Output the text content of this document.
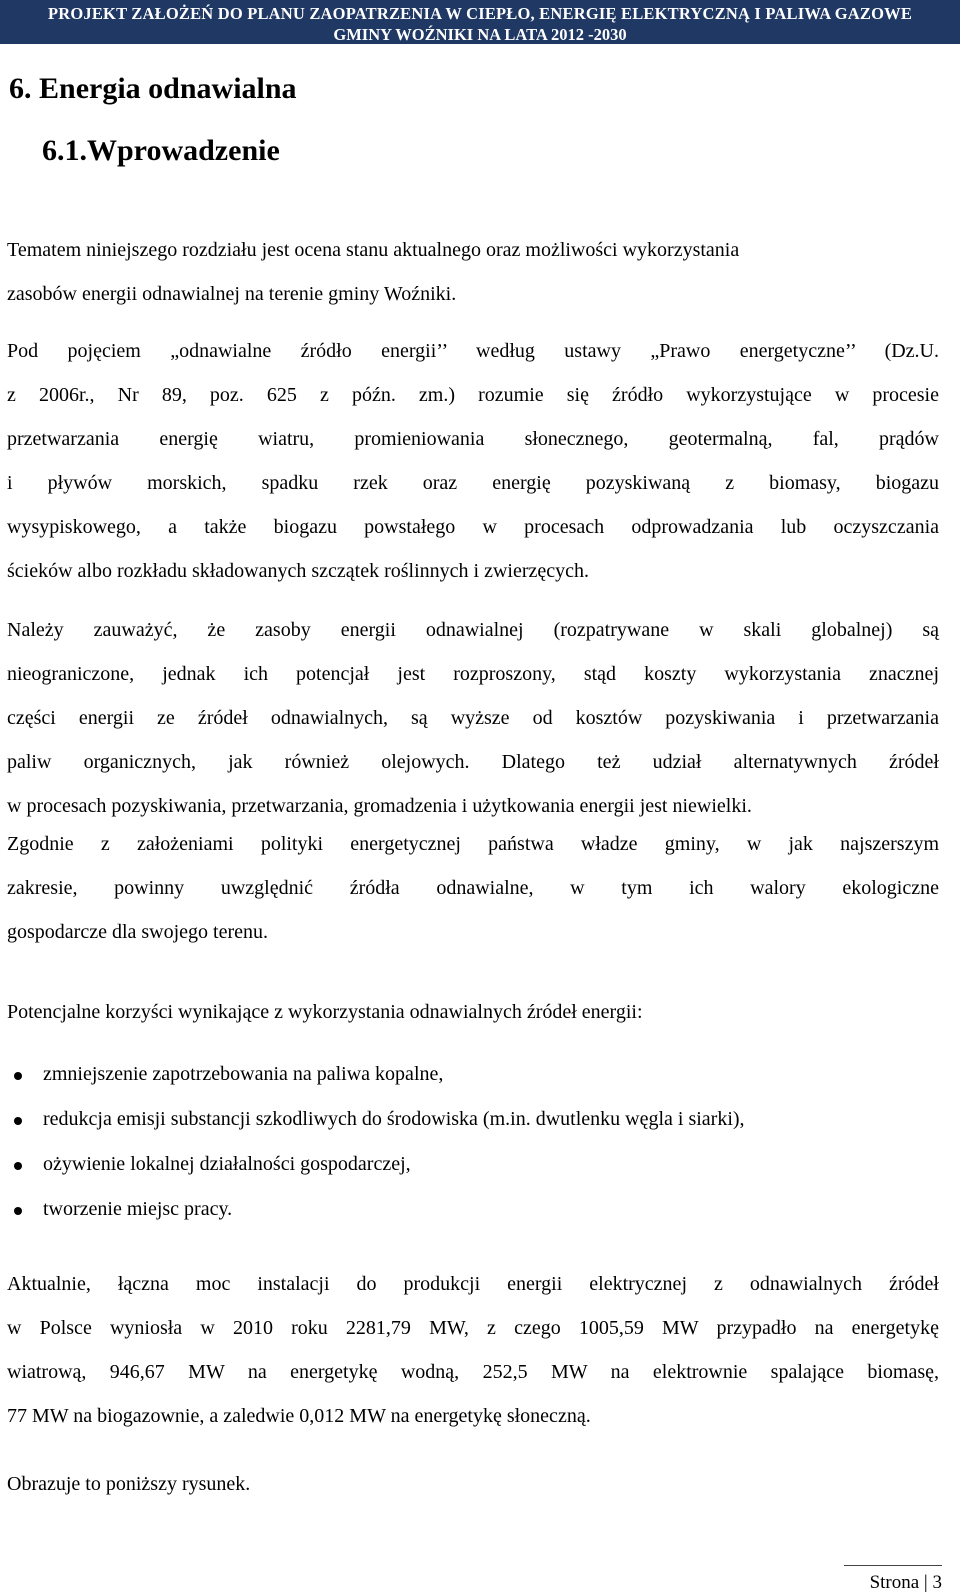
PROJEKT ZAŁOŻEŃ DO PLANU ZAOPATRZENIA W CIEPŁO, ENERGIĘ ELEKTRYCZNĄ I PALIWA GAZOWE
GMINY WOŹNIKI NA LATA 2012 -2030
6. Energia odnawialna
6.1.Wprowadzenie
Tematem niniejszego rozdziału jest ocena stanu aktualnego oraz możliwości wykorzystania
zasobów energii odnawialnej na terenie gminy Woźniki.
Pod pojęciem „odnawialne źródło energii’’ według ustawy „Prawo energetyczne’’ (Dz.U.
z 2006r., Nr 89, poz. 625 z późn. zm.) rozumie się źródło wykorzystujące w procesie
przetwarzania energię wiatru, promieniowania słonecznego, geotermalną, fal, prądów
i pływów morskich, spadku rzek oraz energię pozyskiwaną z biomasy, biogazu
wysypiskowego, a także biogazu powstałego w procesach odprowadzania lub oczyszczania
ścieków albo rozkładu składowanych szczątek roślinnych i zwierzęcych.
Należy zauważyć, że zasoby energii odnawialnej (rozpatrywane w skali globalnej) są
nieograniczone, jednak ich potencjał jest rozproszony, stąd koszty wykorzystania znacznej
części energii ze źródeł odnawialnych, są wyższe od kosztów pozyskiwania i przetwarzania
paliw organicznych, jak również olejowych. Dlatego też udział alternatywnych źródeł
w procesach pozyskiwania, przetwarzania, gromadzenia i użytkowania energii jest niewielki.
Zgodnie z założeniami polityki energetycznej państwa władze gminy, w jak najszerszym
zakresie, powinny uwzględnić źródła odnawialne, w tym ich walory ekologiczne
gospodarcze dla swojego terenu.
Potencjalne korzyści wynikające z wykorzystania odnawialnych źródeł energii:
zmniejszenie zapotrzebowania na paliwa kopalne,
redukcja emisji substancji szkodliwych do środowiska (m.in. dwutlenku węgla i siarki),
ożywienie lokalnej działalności gospodarczej,
tworzenie miejsc pracy.
Aktualnie, łączna moc instalacji do produkcji energii elektrycznej z odnawialnych źródeł
w Polsce wyniosła w 2010 roku 2281,79 MW, z czego 1005,59 MW przypadło na energetykę
wiatrową, 946,67 MW na energetykę wodną, 252,5 MW na elektrownie spalające biomasę,
77 MW na biogazownie, a zaledwie 0,012 MW na energetykę słoneczną.
Obrazuje to poniższy rysunek.
Strona | 3
